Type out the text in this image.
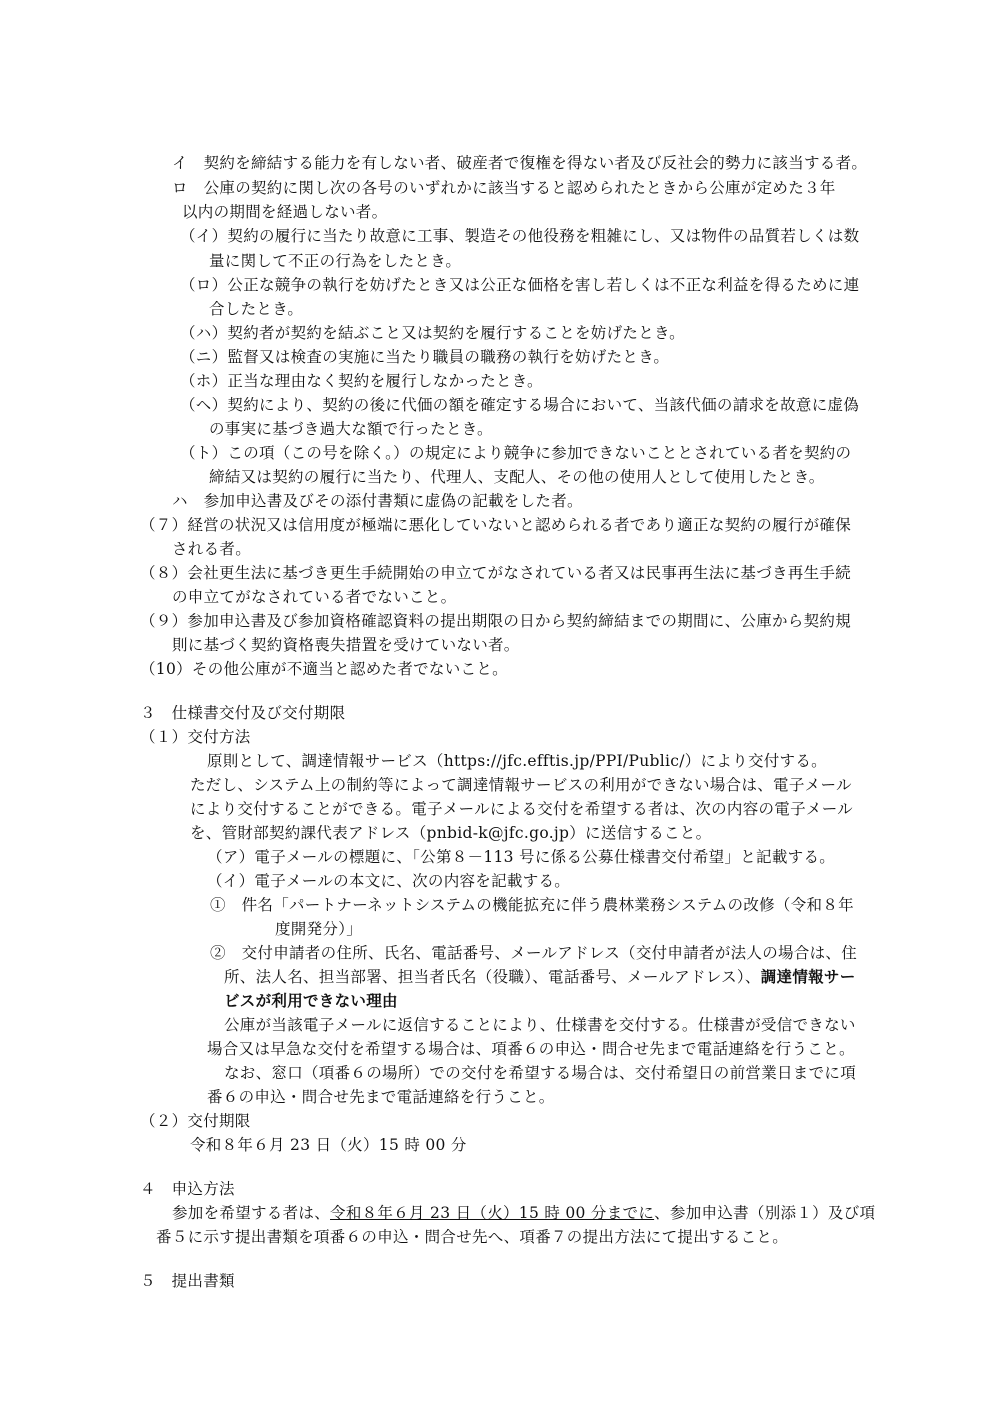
イ　契約を締結する能力を有しない者、破産者で復権を得ない者及び反社会的勢力に該当する者。
ロ　公庫の契約に関し次の各号のいずれかに該当すると認められたときから公庫が定めた３年
以内の期間を経過しない者。
（イ）契約の履行に当たり故意に工事、製造その他役務を粗雑にし、又は物件の品質若しくは数
量に関して不正の行為をしたとき。
（ロ）公正な競争の執行を妨げたとき又は公正な価格を害し若しくは不正な利益を得るために連
合したとき。
（ハ）契約者が契約を結ぶこと又は契約を履行することを妨げたとき。
（ニ）監督又は検査の実施に当たり職員の職務の執行を妨げたとき。
（ホ）正当な理由なく契約を履行しなかったとき。
（ヘ）契約により、契約の後に代価の額を確定する場合において、当該代価の請求を故意に虚偽
の事実に基づき過大な額で行ったとき。
（ト）この項（この号を除く。）の規定により競争に参加できないこととされている者を契約の
締結又は契約の履行に当たり、代理人、支配人、その他の使用人として使用したとき。
ハ　参加申込書及びその添付書類に虚偽の記載をした者。
（７）経営の状況又は信用度が極端に悪化していないと認められる者であり適正な契約の履行が確保
される者。
（８）会社更生法に基づき更生手続開始の申立てがなされている者又は民事再生法に基づき再生手続
の申立てがなされている者でないこと。
（９）参加申込書及び参加資格確認資料の提出期限の日から契約締結までの期間に、公庫から契約規
則に基づく契約資格喪失措置を受けていない者。
（10）その他公庫が不適当と認めた者でないこと。
３　仕様書交付及び交付期限
（１）交付方法
原則として、調達情報サービス（https://jfc.efftis.jp/PPI/Public/）により交付する。
ただし、システム上の制約等によって調達情報サービスの利用ができない場合は、電子メール
により交付することができる。電子メールによる交付を希望する者は、次の内容の電子メール
を、管財部契約課代表アドレス（pnbid-k@jfc.go.jp）に送信すること。
（ア）電子メールの標題に、「公第８－113 号に係る公募仕様書交付希望」と記載する。
（イ）電子メールの本文に、次の内容を記載する。
①　件名「パートナーネットシステムの機能拡充に伴う農林業務システムの改修（令和８年
度開発分）」
②　交付申請者の住所、氏名、電話番号、メールアドレス（交付申請者が法人の場合は、住
所、法人名、担当部署、担当者氏名（役職）、電話番号、メールアドレス）、調達情報サー
ビスが利用できない理由
公庫が当該電子メールに返信することにより、仕様書を交付する。仕様書が受信できない
場合又は早急な交付を希望する場合は、項番６の申込・問合せ先まで電話連絡を行うこと。
なお、窓口（項番６の場所）での交付を希望する場合は、交付希望日の前営業日までに項
番６の申込・問合せ先まで電話連絡を行うこと。
（２）交付期限
令和８年６月 23 日（火）15 時 00 分
４　申込方法
参加を希望する者は、令和８年６月 23 日（火）15 時 00 分までに、参加申込書（別添１）及び項
番５に示す提出書類を項番６の申込・問合せ先へ、項番７の提出方法にて提出すること。
５　提出書類
